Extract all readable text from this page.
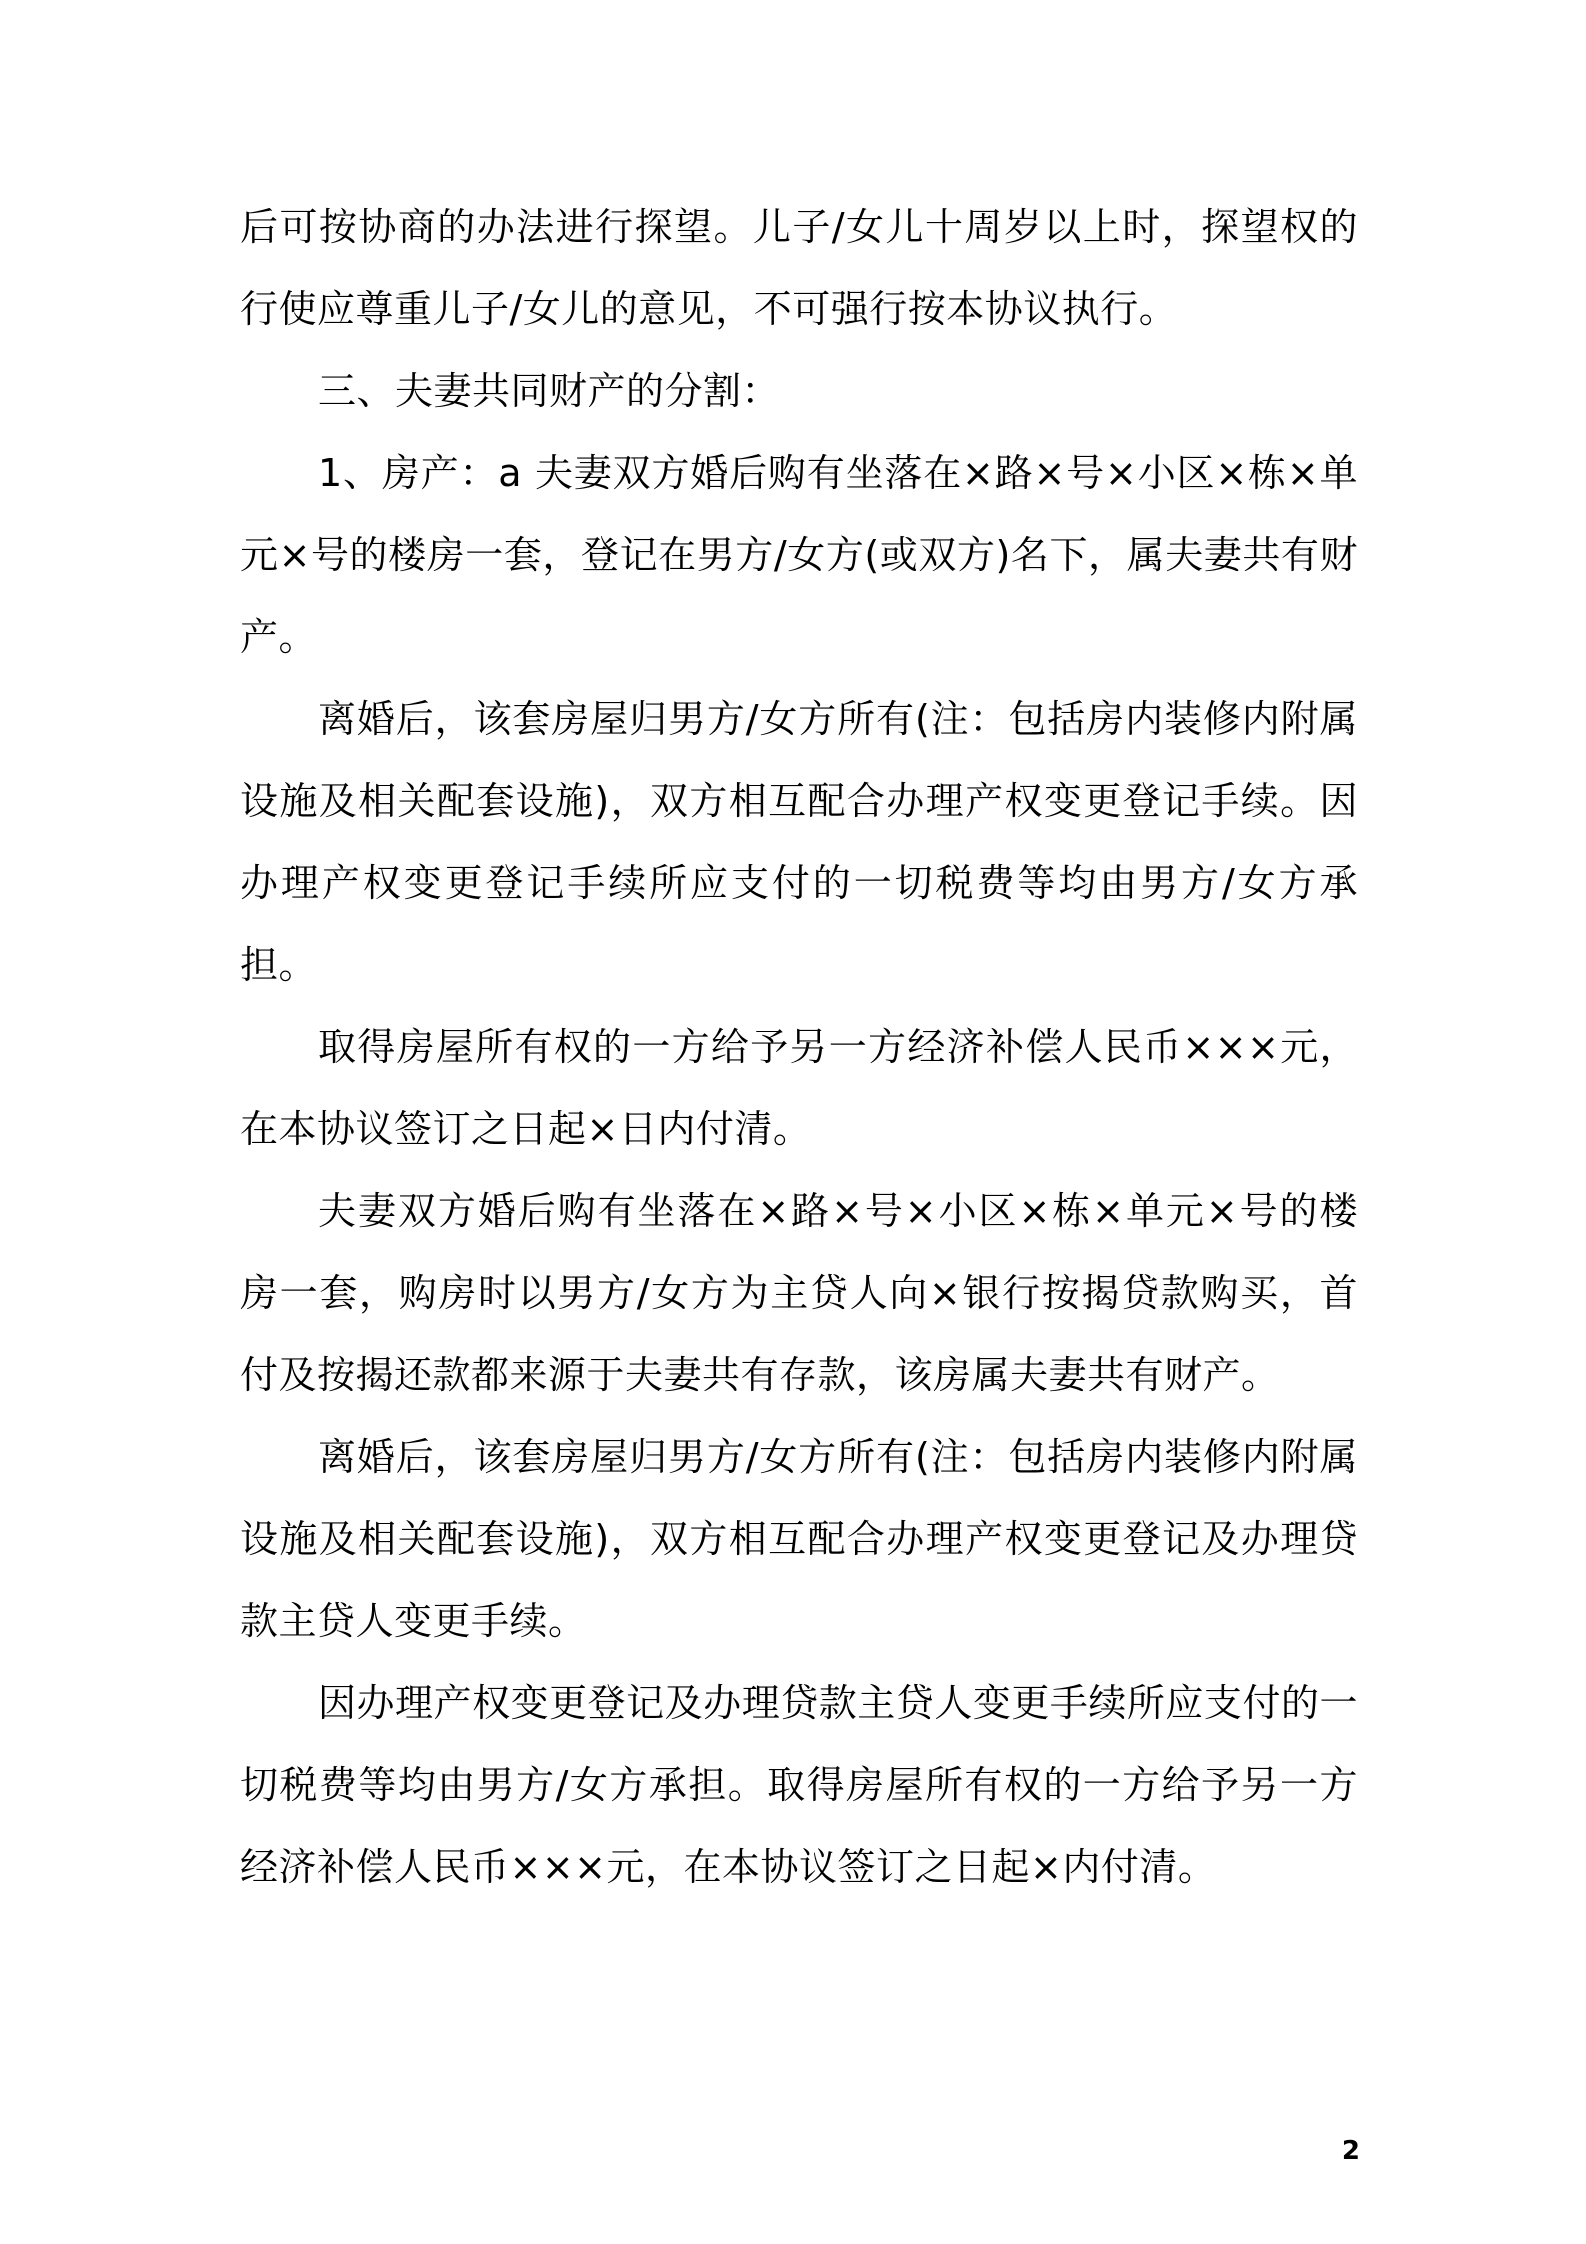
后可按协商的办法进行探望。儿子/女儿十周岁以上时，探望权的行使应尊重儿子/女儿的意见，不可强行按本协议执行。

三、夫妻共同财产的分割：

1、房产：a 夫妻双方婚后购有坐落在×路×号×小区×栋×单元×号的楼房一套，登记在男方/女方(或双方)名下，属夫妻共有财产。

离婚后，该套房屋归男方/女方所有(注：包括房内装修内附属设施及相关配套设施)，双方相互配合办理产权变更登记手续。因办理产权变更登记手续所应支付的一切税费等均由男方/女方承担。

取得房屋所有权的一方给予另一方经济补偿人民币×××元，在本协议签订之日起×日内付清。

夫妻双方婚后购有坐落在×路×号×小区×栋×单元×号的楼房一套，购房时以男方/女方为主贷人向×银行按揭贷款购买，首付及按揭还款都来源于夫妻共有存款，该房属夫妻共有财产。

离婚后，该套房屋归男方/女方所有(注：包括房内装修内附属设施及相关配套设施)，双方相互配合办理产权变更登记及办理贷款主贷人变更手续。

因办理产权变更登记及办理贷款主贷人变更手续所应支付的一切税费等均由男方/女方承担。取得房屋所有权的一方给予另一方经济补偿人民币×××元，在本协议签订之日起×内付清。

2
